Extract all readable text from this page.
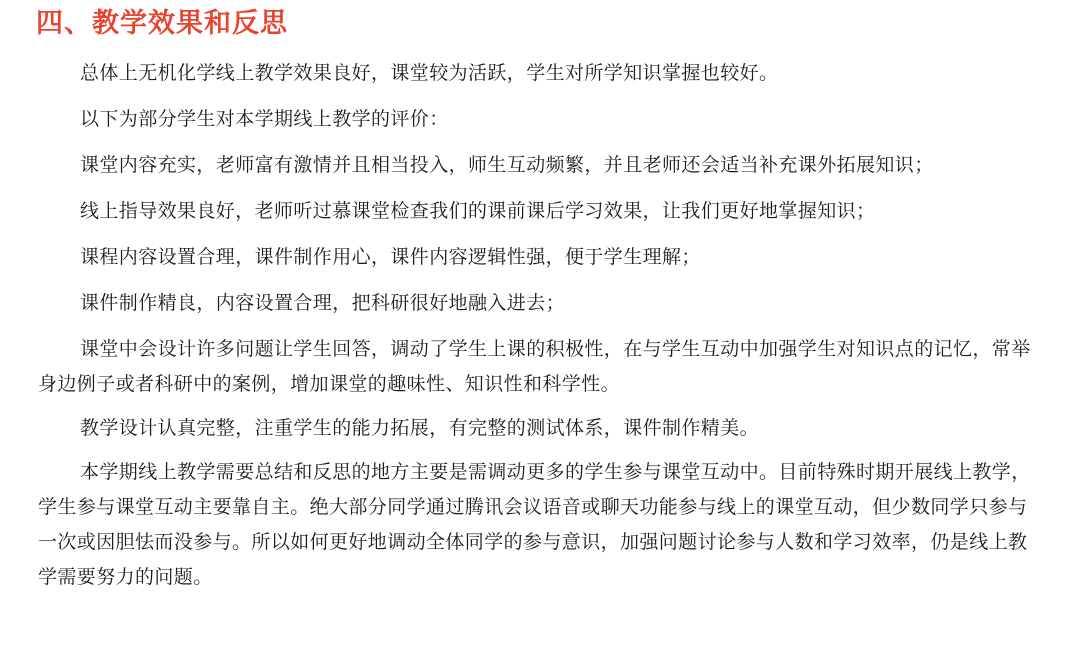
四、教学效果和反思

总体上无机化学线上教学效果良好，课堂较为活跃，学生对所学知识掌握也较好。

以下为部分学生对本学期线上教学的评价：

课堂内容充实，老师富有激情并且相当投入，师生互动频繁，并且老师还会适当补充课外拓展知识；

线上指导效果良好，老师听过慕课堂检查我们的课前课后学习效果，让我们更好地掌握知识；

课程内容设置合理，课件制作用心，课件内容逻辑性强，便于学生理解；

课件制作精良，内容设置合理，把科研很好地融入进去；

课堂中会设计许多问题让学生回答，调动了学生上课的积极性，在与学生互动中加强学生对知识点的记忆，常举身边例子或者科研中的案例，增加课堂的趣味性、知识性和科学性。

教学设计认真完整，注重学生的能力拓展，有完整的测试体系，课件制作精美。

本学期线上教学需要总结和反思的地方主要是需调动更多的学生参与课堂互动中。目前特殊时期开展线上教学，学生参与课堂互动主要靠自主。绝大部分同学通过腾讯会议语音或聊天功能参与线上的课堂互动，但少数同学只参与一次或因胆怯而没参与。所以如何更好地调动全体同学的参与意识，加强问题讨论参与人数和学习效率，仍是线上教学需要努力的问题。
